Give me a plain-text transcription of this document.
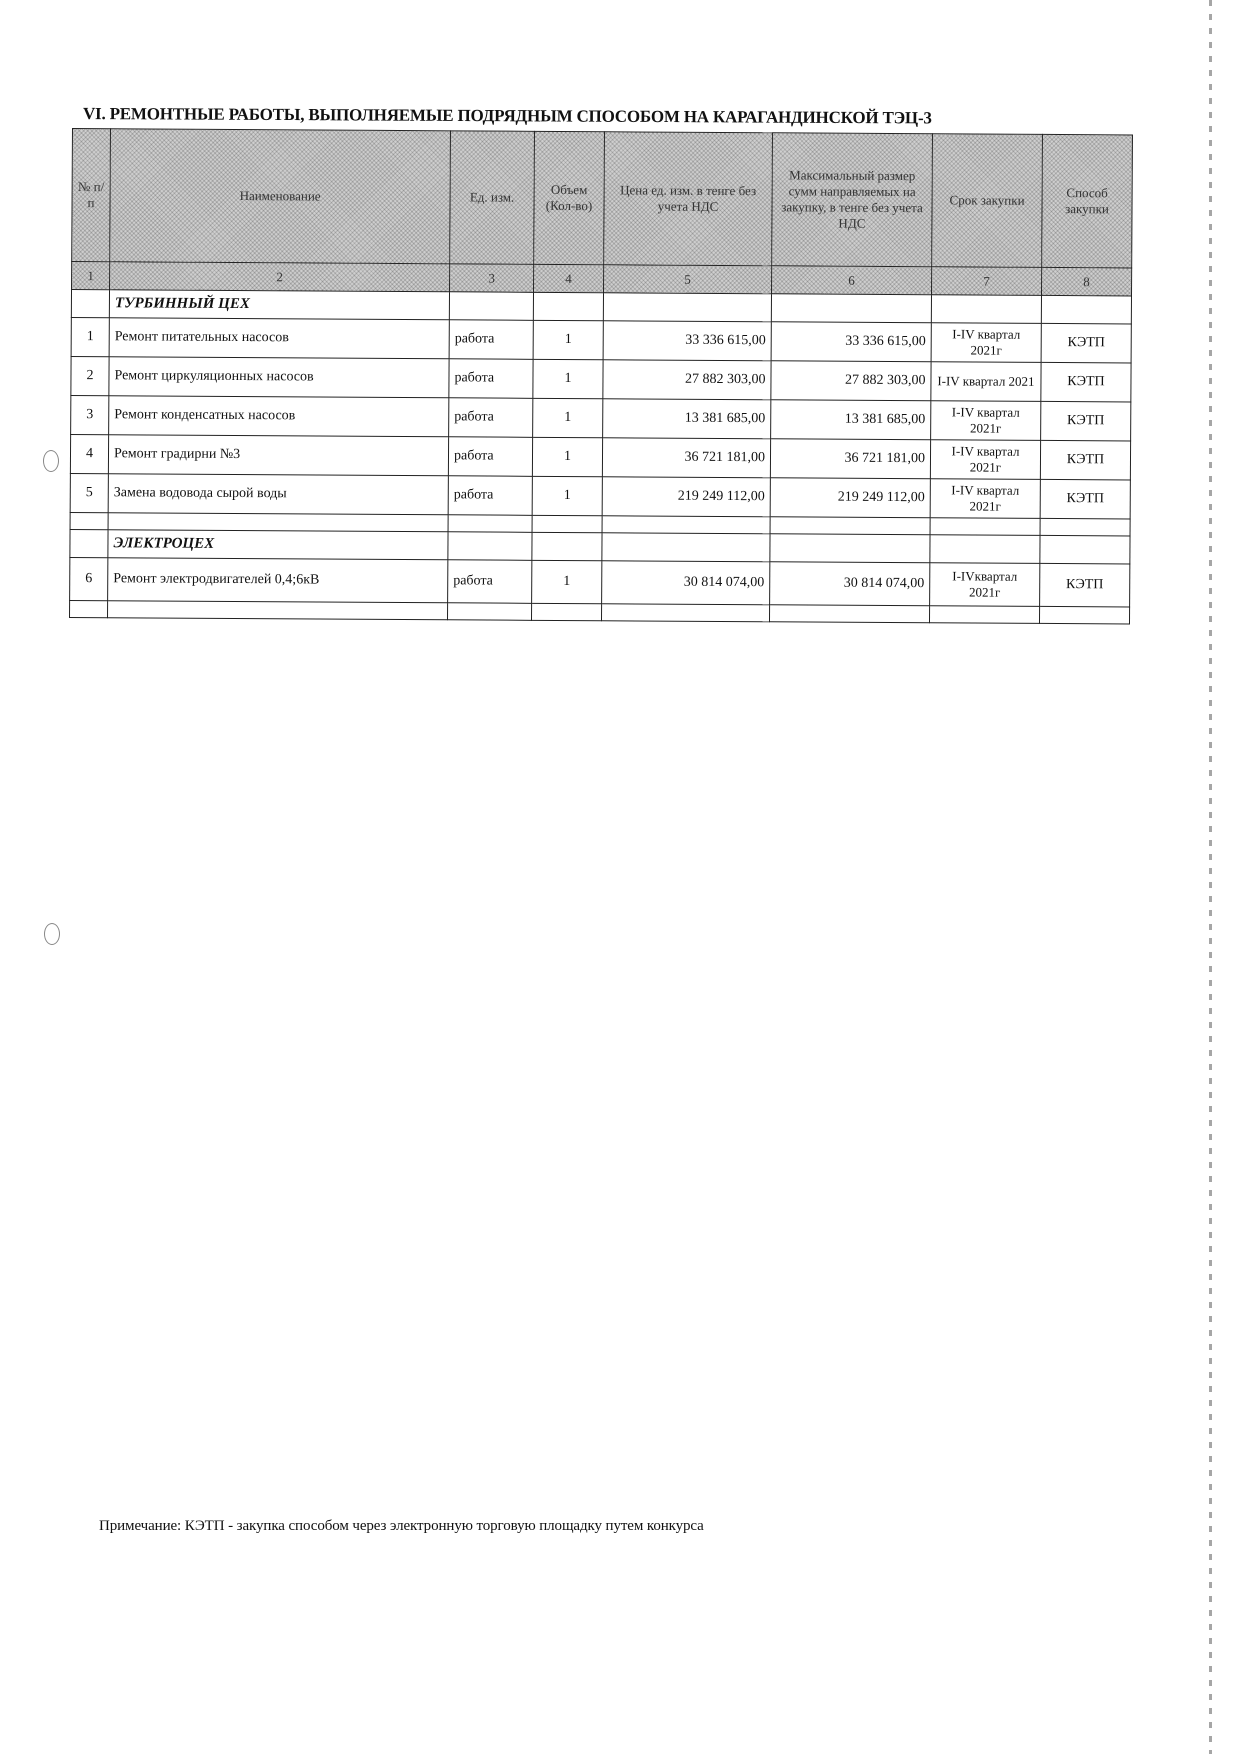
VI. РЕМОНТНЫЕ РАБОТЫ, ВЫПОЛНЯЕМЫЕ ПОДРЯДНЫМ СПОСОБОМ НА КАРАГАНДИНСКОЙ ТЭЦ-3
№ п/п	Наименование	Ед. изм.	Объем (Кол-во)	Цена ед. изм. в тенге без учета НДС	Максимальный размер сумм направляемых на закупку, в тенге без учета НДС	Срок закупки	Способ закупки
1	2	3	4	5	6	7	8
	ТУРБИННЫЙ ЦЕХ						
1	Ремонт питательных насосов	работа	1	33 336 615,00	33 336 615,00	I-IV квартал 2021г	КЭТП
2	Ремонт циркуляционных насосов	работа	1	27 882 303,00	27 882 303,00	I-IV квартал 2021	КЭТП
3	Ремонт конденсатных насосов	работа	1	13 381 685,00	13 381 685,00	I-IV квартал 2021г	КЭТП
4	Ремонт градирни №3	работа	1	36 721 181,00	36 721 181,00	I-IV квартал 2021г	КЭТП
5	Замена водовода сырой воды	работа	1	219 249 112,00	219 249 112,00	I-IV квартал 2021г	КЭТП

	ЭЛЕКТРОЦЕХ						
6	Ремонт электродвигателей 0,4;6кВ	работа	1	30 814 074,00	30 814 074,00	I-IVквартал 2021г	КЭТП

Примечание: КЭТП - закупка способом через электронную торговую площадку путем конкурса
